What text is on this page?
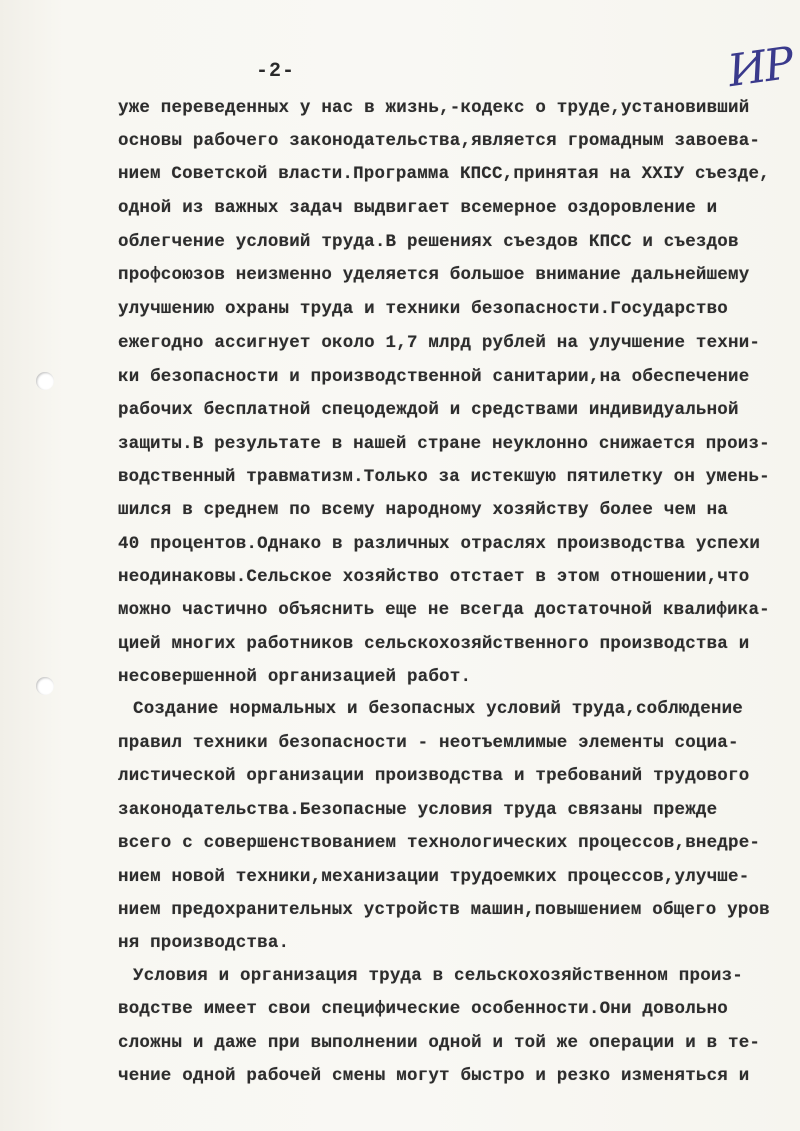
-2-	ИР
уже перeведенных у нас в жизнь,-кодекс о труде,установивший
основы рабочего законодательства,является громадным завоева-
нием Советской власти.Программа КПСС,принятая на XXIУ съезде,
одной из важных задач выдвигает всемерное оздоровление и
облегчение условий труда.В решениях съездов КПСС и съездов
профсоюзов неизменно уделяется большое внимание дальнейшему
улучшению охраны труда и техники безопасности.Государство
ежегодно ассигнует около 1,7 млрд рублей на улучшение техни-
ки безопасности и производственной санитарии,на обеспечение
рабочих бесплатной спецодеждой и средствами индивидуальной
защиты.В результате в нашей стране неуклонно снижается произ-
водственный травматизм.Только за истекшую пятилетку он умень-
шился в среднем по всему народному хозяйству более чем на
40 процентов.Однако в различных отраслях производства успехи
неодинаковы.Сельское хозяйство отстает в этом отношении,что
можно частично объяснить еще не всегда достаточной квалифика-
цией многих работников сельскохозяйственного производства и
несовершенной организацией работ.
Создание нормальных и безопасных условий труда,соблюдение
правил техники безопасности - неотъемлимые элементы социа-
листической организации производства и требований трудового
законодательства.Безопасные условия труда связаны прежде
всего с совершенствованием технологических процессов,внедре-
нием новой техники,механизации трудоемких процессов,улучше-
нием предохранительных устройств машин,повышением общего уров
ня производства.
Условия и организация труда в сельскохозяйственном произ-
водстве имеет свои специфические особенности.Они довольно
сложны и даже при выполнении одной и той же операции и в те-
чение одной рабочей смены могут быстро и резко изменяться и
